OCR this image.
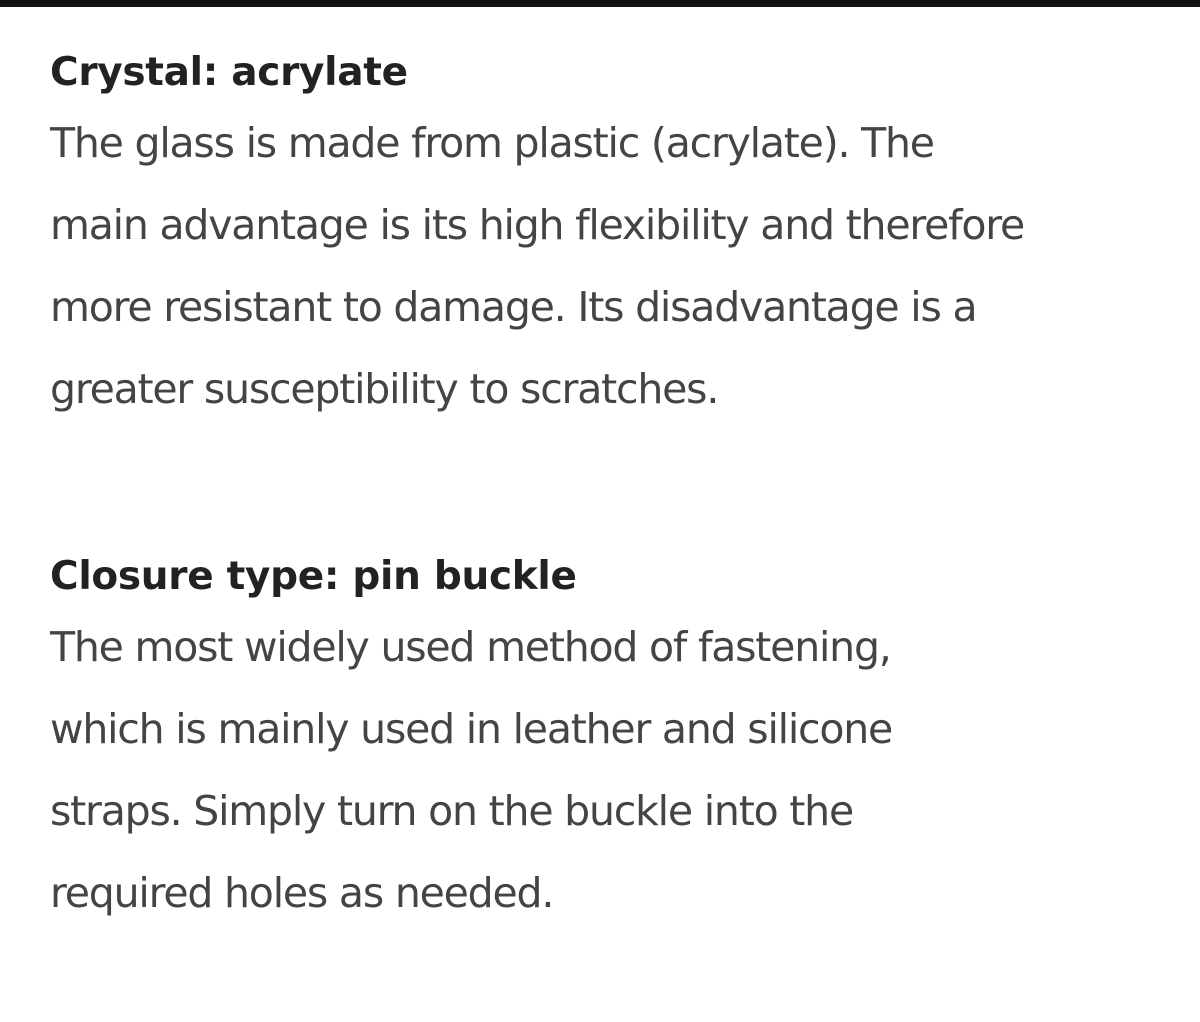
Crystal: acrylate

The glass is made from plastic (acrylate). The
main advantage is its high flexibility and therefore
more resistant to damage. Its disadvantage is a
greater susceptibility to scratches.

Closure type: pin buckle

The most widely used method of fastening,
which is mainly used in leather and silicone
straps. Simply turn on the buckle into the
required holes as needed.
